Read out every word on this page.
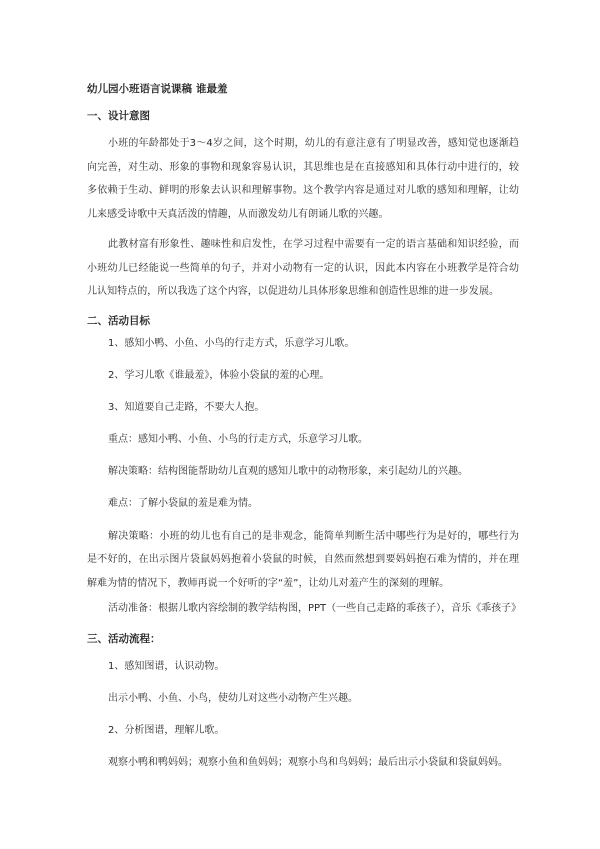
幼儿园小班语言说课稿 谁最羞
一、设计意图

小班的年龄都处于3～4岁之间，这个时期，幼儿的有意注意有了明显改善，感知觉也逐渐趋向完善，对生动、形象的事物和现象容易认识，其思维也是在直接感知和具体行动中进行的，较多依赖于生动、鲜明的形象去认识和理解事物。这个教学内容是通过对儿歌的感知和理解，让幼儿来感受诗歌中天真活泼的情趣，从而激发幼儿有朗诵儿歌的兴趣。

此教材富有形象性、趣味性和启发性，在学习过程中需要有一定的语言基础和知识经验，而小班幼儿已经能说一些简单的句子，并对小动物有一定的认识，因此本内容在小班教学是符合幼儿认知特点的，所以我选了这个内容，以促进幼儿具体形象思维和创造性思维的进一步发展。

二、活动目标
1、感知小鸭、小鱼、小鸟的行走方式，乐意学习儿歌。
2、学习儿歌《谁最羞》，体验小袋鼠的羞的心理。
3、知道要自己走路，不要大人抱。
重点：感知小鸭、小鱼、小鸟的行走方式，乐意学习儿歌。
解决策略：结构图能帮助幼儿直观的感知儿歌中的动物形象，来引起幼儿的兴趣。
难点：了解小袋鼠的羞是难为情。

解决策略：小班的幼儿也有自己的是非观念，能简单判断生活中哪些行为是好的，哪些行为是不好的，在出示图片袋鼠妈妈抱着小袋鼠的时候，自然而然想到要妈妈抱石难为情的，并在理解难为情的情况下，教师再说一个好听的字“羞”，让幼儿对羞产生的深刻的理解。

活动准备：根据儿歌内容绘制的教学结构图，PPT（一些自己走路的乖孩子），音乐《乖孩子》
三、活动流程：
1、感知图谱，认识动物。
出示小鸭、小鱼、小鸟，使幼儿对这些小动物产生兴趣。
2、分析图谱，理解儿歌。
观察小鸭和鸭妈妈；观察小鱼和鱼妈妈；观察小鸟和鸟妈妈；最后出示小袋鼠和袋鼠妈妈。
